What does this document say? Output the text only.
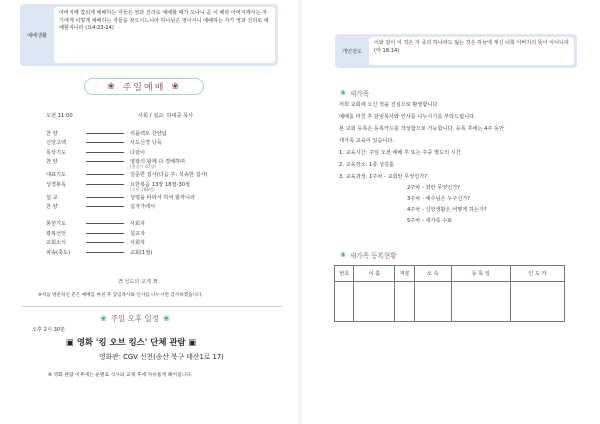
예배생활
아버지께 참되게 예배하는 자들은 영과 진리로 예배할 때가 오나니 곧 이 때라 아버지께서는 자기에게 이렇게 예배하는 자들을 찾으시느니라 하나님은 영이시니 예배하는 자가 영과 진리로 예배할지니라 (요4:23-24)
❀ 주일예배 ❀
오전 11:00	사회 / 설교: 하대중 목사
찬 양	리플렉토 찬양팀
신앙고백	사도신경 낭독
목상기도	다같이
찬 양	영광의 왕께 다 경배하며
(찬송가 67장)
대표기도	김준한 집사(다음 주: 석송한 집사)
성경봉독	요한복음 13장 18절-30절
(신약 166면)
설 교	성령을 따라서 하여 할까니라
찬 양	십자가에서
봉헌기도	사회자
광복선언	설교자
교회소식	사회자
파송(축도)	교회(1절)
♬ 성도의 교제 ♬
※처음 방문하신 분은 예배를 마친 후 담임목사와 인사를 나누시면 감사하겠습니다.
❀ 주일 오후 일정 ❀
오후 2시 30분
▣ 영화 '킹 오브 킹스' 단체 관람 ▣
영화관: CGV 신천(송산 북구 태산1로 17)
※ 영화 관람 이후에는 순별로 식사와 교제 후에 자유롭게 헤어집니다.
개인전도
이와 같이 이 작은 자 중의 하나라도 잃는 것은 하늘에 계신 너희 아버지의 뜻이 아니니라 (마 18:14)
❀ 새가족
저희 교회에 오신 것을 진심으로 환영합니다.
예배를 마친 후 담임목사와 인사를 나누시기를 부탁드립니다.
본 교회 등록은 등록카드를 작성함으로 가능합니다. 등록 후에는 4주 동안
새가족 교육이 있습니다.
1. 교육시간: 주일 오전 예배 후 또는 주중 별도의 시간
2. 교육장소: 1층 성김홀
3. 교육과정: 1주차 - 교회란 무엇인가?
2주차 - 죄란 무엇인가?
3주차 - 예수님은 누구신가?
4주차 - 신앙생활은 어떻게 하는가?
5주차 - 새가족 수료
❀ 새가족 등록현황
번호	이 름	직분	소 속	등 록 일	인 도 자
